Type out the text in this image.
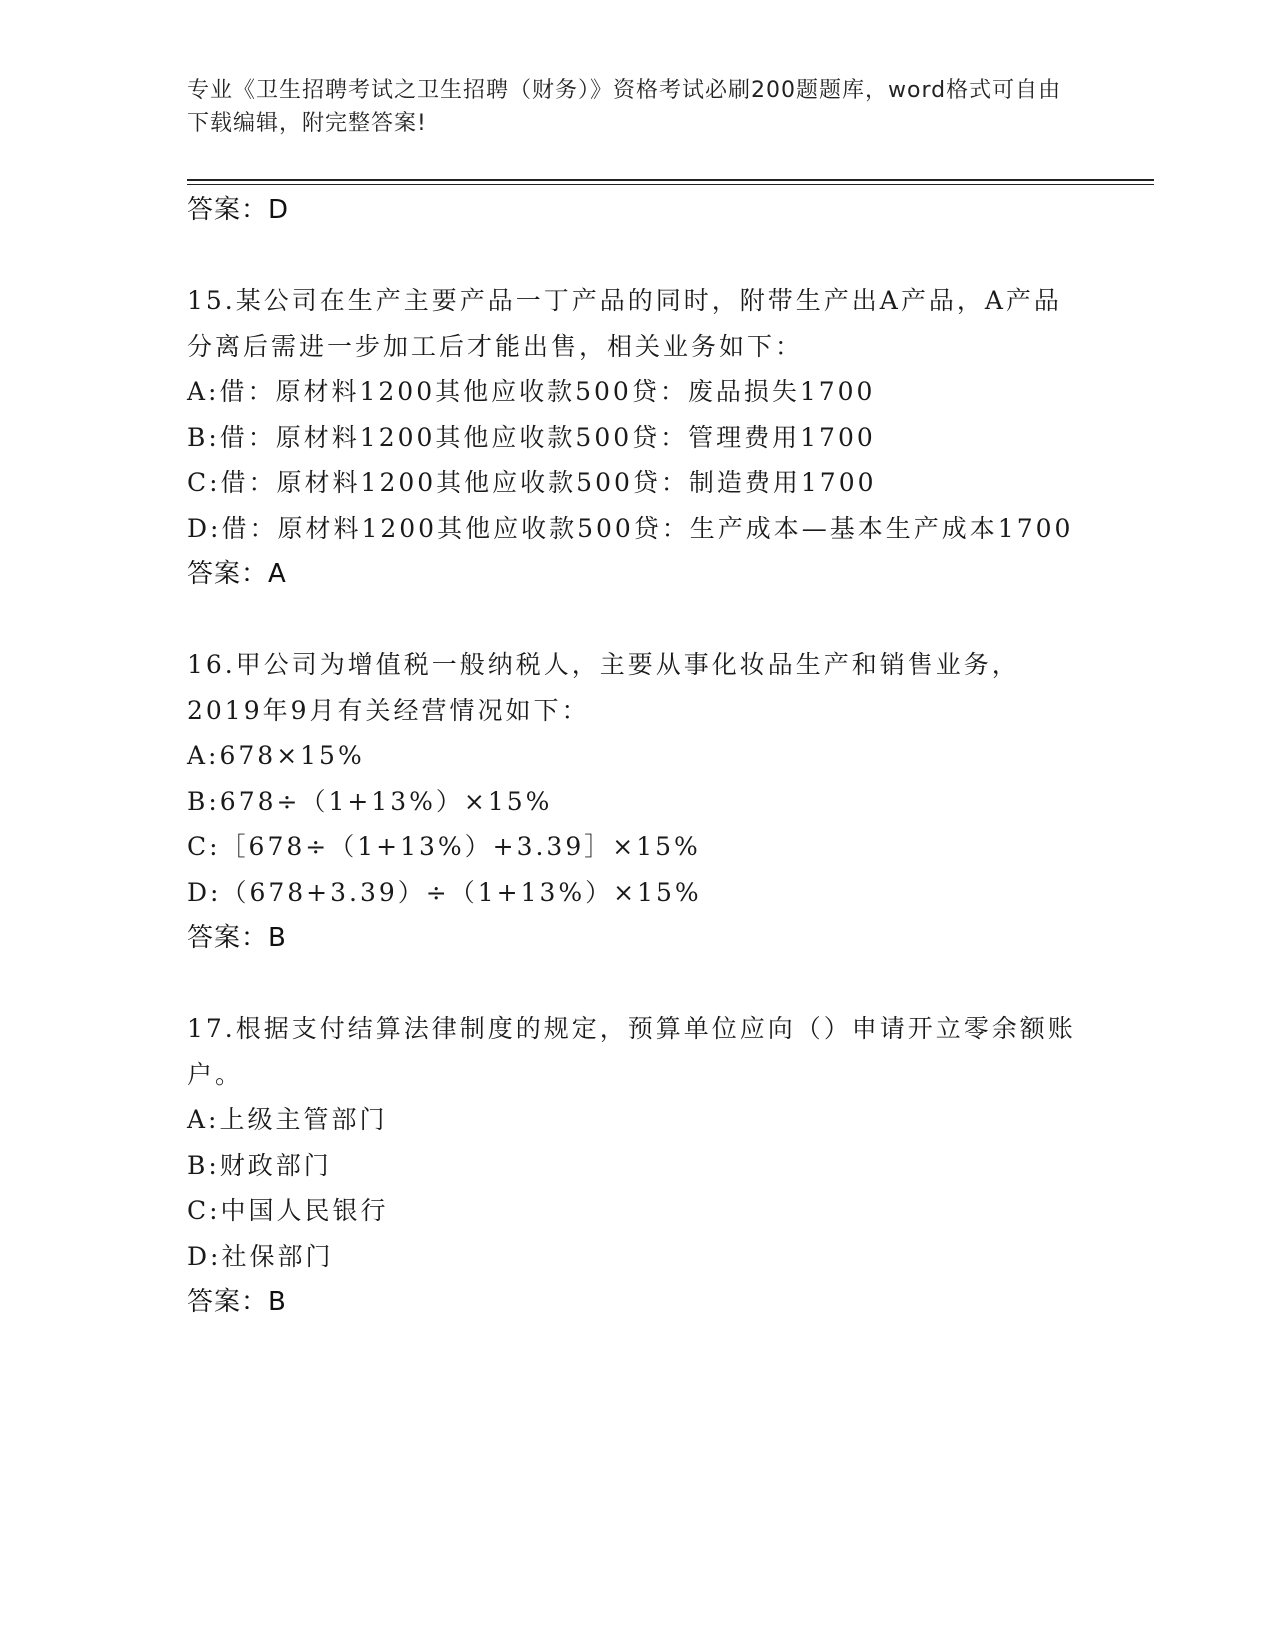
专业《卫生招聘考试之卫生招聘（财务）》资格考试必刷200题题库，word格式可自由下载编辑，附完整答案!
答案：D

15.某公司在生产主要产品一丁产品的同时，附带生产出A产品，A产品分离后需进一步加工后才能出售，相关业务如下：

A:借：原材料1200其他应收款500贷：废品损失1700

B:借：原材料1200其他应收款500贷：管理费用1700

C:借：原材料1200其他应收款500贷：制造费用1700

D:借：原材料1200其他应收款500贷：生产成本—基本生产成本1700

答案：A

16.甲公司为增值税一般纳税人，主要从事化妆品生产和销售业务，2019年9月有关经营情况如下：

A:678×15%

B:678÷（1+13%）×15%

C:［678÷（1+13%）+3.39］×15%

D:（678+3.39）÷（1+13%）×15%

答案：B

17.根据支付结算法律制度的规定，预算单位应向（）申请开立零余额账户。

A:上级主管部门

B:财政部门

C:中国人民银行

D:社保部门

答案：B
